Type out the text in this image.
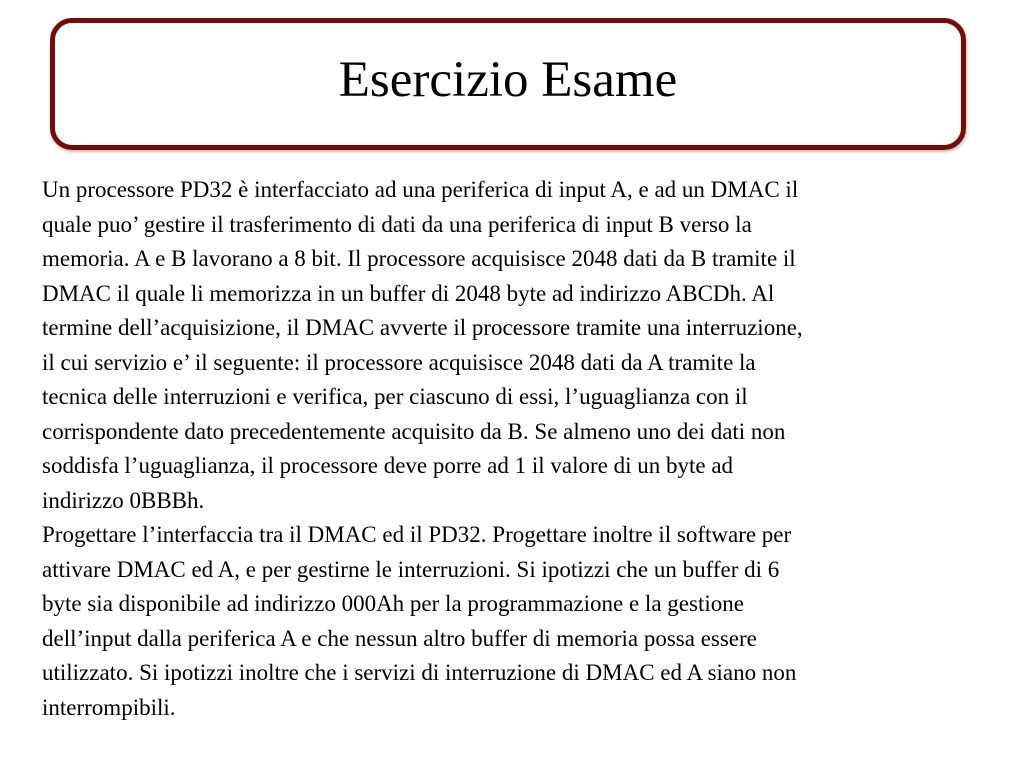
Esercizio Esame

Un processore PD32 è interfacciato ad una periferica di input A, e ad un DMAC il
quale puo’ gestire il trasferimento di dati da una periferica di input B verso la
memoria. A e B lavorano a 8 bit. Il processore acquisisce 2048 dati da B tramite il
DMAC il quale li memorizza in un buffer di 2048 byte ad indirizzo ABCDh. Al
termine dell’acquisizione, il DMAC avverte il processore tramite una interruzione,
il cui servizio e’ il seguente: il processore acquisisce 2048 dati da A tramite la
tecnica delle interruzioni e verifica, per ciascuno di essi, l’uguaglianza con il
corrispondente dato precedentemente acquisito da B. Se almeno uno dei dati non
soddisfa l’uguaglianza, il processore deve porre ad 1 il valore di un byte ad
indirizzo 0BBBh.

Progettare l’interfaccia tra il DMAC ed il PD32. Progettare inoltre il software per
attivare DMAC ed A, e per gestirne le interruzioni. Si ipotizzi che un buffer di 6
byte sia disponibile ad indirizzo 000Ah per la programmazione e la gestione
dell’input dalla periferica A e che nessun altro buffer di memoria possa essere
utilizzato. Si ipotizzi inoltre che i servizi di interruzione di DMAC ed A siano non
interrompibili.
